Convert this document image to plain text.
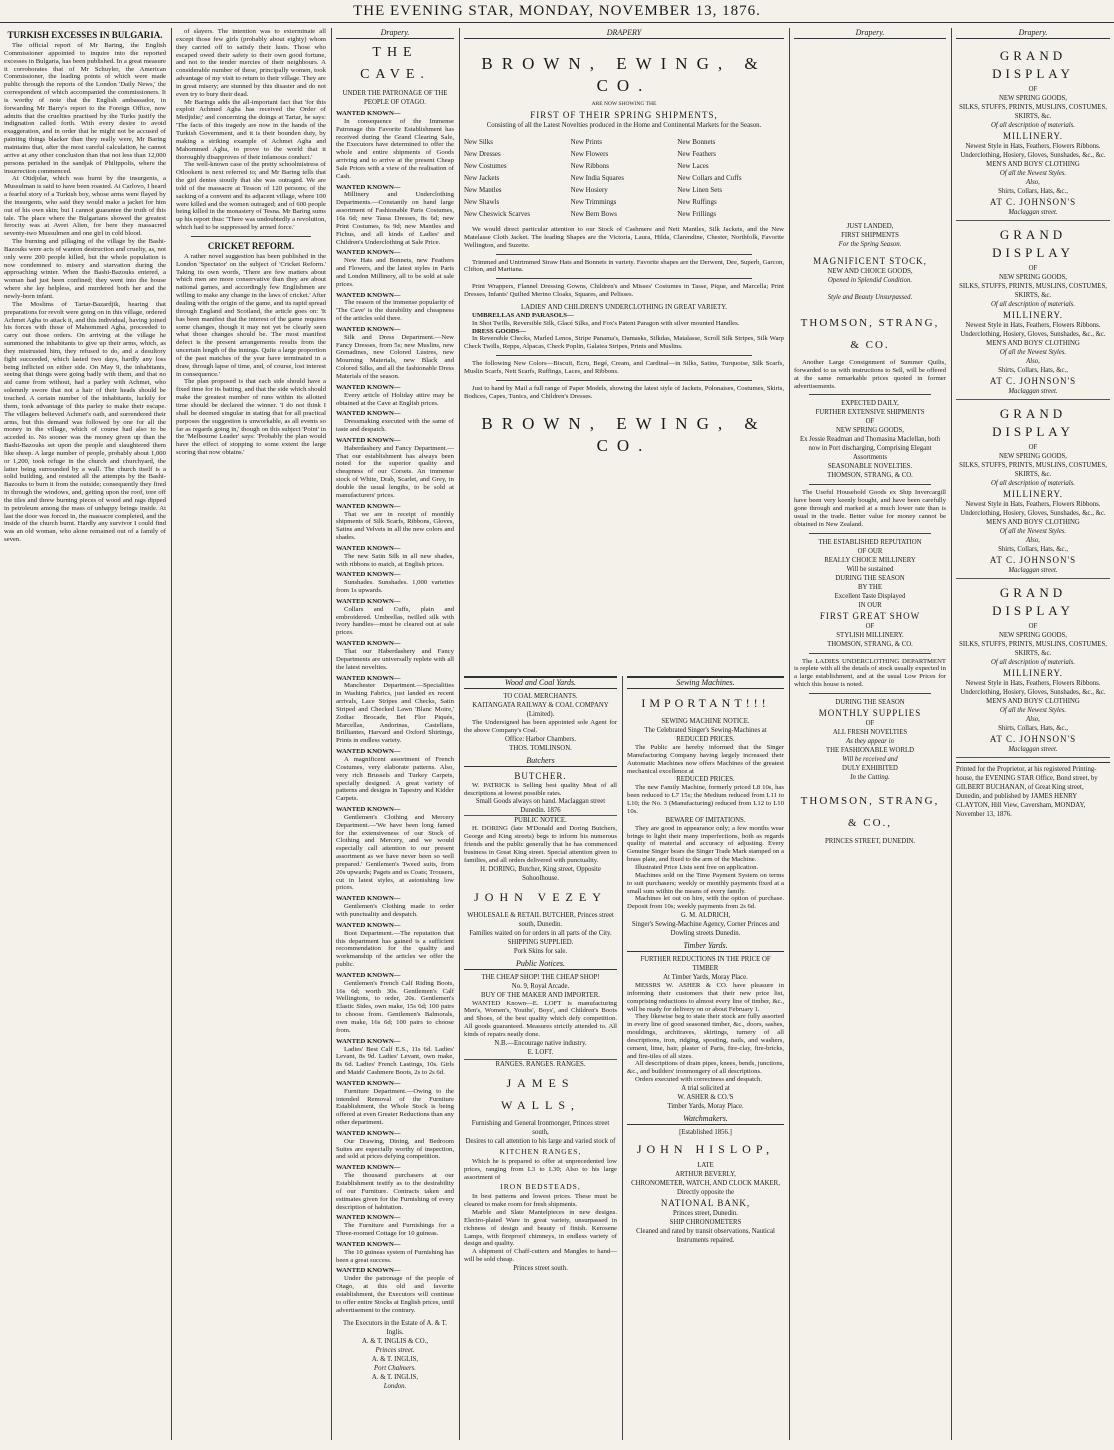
THE EVENING STAR, MONDAY, NOVEMBER 13, 1876.
TURKISH EXCESSES IN BULGARIA.

The official report of Mr Baring, the English Commissioner appointed to inquire into the reported excesses in Bulgaria, has been published. In a great measure it corroborates that of Mr Schuyler, the American Commissioner, the leading points of which were made public through the reports of the London 'Daily News,' the correspondent of which accompanied the commissioners. It is worthy of note that the English ambassador, in forwarding Mr Barry's report to the Foreign Office, now admits that the cruelties practised by the Turks justify the indignation called forth. With every desire to avoid exaggeration, and in order that he might not be accused of painting things blacker than they really were, Mr Baring maintains that, after the most careful calculation, he cannot arrive at any other conclusion than that not less than 12,000 persons perished in the sandjak of Philippolis, where the insurrection commenced.

At Otidjolar, which was burnt by the insurgents, a Mussulman is said to have been roasted. At Carlovo, I heard a fearful story of a Turkish boy, whose arms were flayed by the insurgents, who said they would make a jacket for him out of his own skin; but I cannot guarantee the truth of this tale. The place where the Bulgarians showed the greatest ferocity was at Avret Alien, for here they massacred seventy-two Mussulmen and one girl in cold blood.

The burning and pillaging of the village by the Bashi-Bazouks were acts of wanton destruction and cruelty, as, not only were 200 people killed, but the whole population is now condemned to misery and starvation during the approaching winter. When the Bashi-Bazouks entered, a woman had just been confined; they went into the house where she lay helpless, and murdered both her and the newly-born infant.

The Moslims of Tartar-Bazardjik, hearing that preparations for revolt were going on in this village, ordered Achmet Agha to attack it, and this individual, having joined his forces with those of Mahommed Agha, proceeded to carry out those orders. On arriving at the village he summoned the inhabitants to give up their arms, which, as they mistrusted him, they refused to do, and a desultory fight succeeded, which lasted two days, hardly any loss being inflicted on either side. On May 9, the inhabitants, seeing that things were going badly with them, and that no aid came from without, had a parley with Achmet, who solemnly swore that not a hair of their heads should be touched. A certain number of the inhabitants, luckily for them, took advantage of this parley to make their escape. The villagers believed Achmet's oath, and surrendered their arms, but this demand was followed by one for all the money in the village, which of course had also to be acceded to. No sooner was the money given up than the Bashi-Bazouks set upon the people and slaughtered them like sheep. A large number of people, probably about 1,000 or 1,200, took refuge in the church and churchyard, the latter being surrounded by a wall. The church itself is a solid building, and resisted all the attempts by the Bashi-Bazouks to burn it from the outside; consequently they fired in through the windows, and, getting upon the roof, tore off the tiles and threw burning pieces of wood and rags dipped in petroleum among the mass of unhappy beings inside. At last the door was forced in, the massacre completed, and the inside of the church burnt. Hardly any survivor I could find was an old woman, who alone remained out of a family of seven.

of slayers. The intention was to exterminate all except those few girls (probably about eighty) whom they carried off to satisfy their lusts. Those who escaped owed their safety to their own good fortune, and not to the tender mercies of their neighbours. A considerable number of these, principally women, took advantage of my visit to return to their village. They are in great misery; are stunned by this disaster and do not even try to bury their dead.

Mr Barings adds the all-important fact that 'for this exploit Achmed Agha has received the Order of Medjidie;' and concerning the doings at Tartar, he says: 'The facts of this tragedy are now in the hands of the Turkish Government, and it is their bounden duty, by making a striking example of Achmet Agha and Mahommed Agha, to prove to the world that it thoroughly disapproves of their infamous conduct.'

The well-known case of the pretty schoolmistress of Otlookeni is next referred to; and Mr Baring tells that the girl denies stoutly that she was outraged. We are told of the massacre at Tesson of 120 persons; of the sacking of a convent and its adjacent village, where 100 were killed and the women outraged; and of 600 people being killed in the monastery of Tesna. Mr Baring sums up his report thus: 'There was undoubtedly a revolution, which had to be suppressed by armed force.'

CRICKET REFORM.

A rather novel suggestion has been published in the London 'Spectator' on the subject of 'Cricket Reform.' Taking its own words, 'There are few matters about which men are more conservative than they are about national games, and accordingly few Englishmen are willing to make any change in the laws of cricket.' After dealing with the origin of the game, and its rapid spread through England and Scotland, the article goes on: 'It has been manifest that the interest of the game requires some changes, though it may not yet be clearly seen what those changes should be. The most manifest defect is the present arrangements results from the uncertain length of the innings. Quite a large proportion of the past matches of the year have terminated in a draw, through lapse of time, and, of course, lost interest in consequence.'

The plan proposed is that each side should have a fixed time for its batting, and that the side which should make the greatest number of runs within its allotted time should be declared the winner. 'I do not think I shall be deemed singular in stating that for all practical purposes the suggestion is unworkable, as all events so far as regards going in,' though on this subject 'Point' in the 'Melbourne Leader' says: 'Probably the plan would have the effect of stopping to some extent the large scoring that now obtains.'

Drapery.
THE CAVE.
UNDER THE PATRONAGE OF THE PEOPLE OF OTAGO.
WANTED KNOWN—

In consequence of the Immense Patronage this Favorite Establishment has received during the Grand Clearing Sale, the Executors have determined to offer the whole and entire shipments of Goods arriving and to arrive at the present Cheap Sale Prices with a view of the realisation of Cash.

WANTED KNOWN—

Millinery and Underclothing Departments.—Constantly on hand large assortment of Fashionable Paris Costumes, 16s 6d; new Tassa Dresses, 8s 6d; new Print Costumes, 6s 9d; new Mantles and Fichus, and all kinds of Ladies' and Children's Underclothing at Sale Price.

WANTED KNOWN—

New Hats and Bonnets, new Feathers and Flowers, and the latest styles in Paris and London Millinery, all to be sold at sale prices.

WANTED KNOWN—

The reason of the immense popularity of 'The Cave' is the durability and cheapness of the articles sold there.

WANTED KNOWN—

Silk and Dress Department.—New Fancy Dresses, from 5s; new Muslins, new Grenadines, new Colored Lustres, new Mourning Materials, new Black and Colored Silks, and all the fashionable Dress Materials of the season.

WANTED KNOWN—

Every article of Holiday attire may be obtained at the Cave at English prices.

WANTED KNOWN—

Dressmaking executed with the same of taste and despatch.

WANTED KNOWN—

Haberdashery and Fancy Department.—That our establishment has always been noted for the superior quality and cheapness of our Corsets. An immense stock of White, Drab, Scarlet, and Grey, in double the usual lengths, to be sold at manufacturers' prices.

WANTED KNOWN—

That we are in receipt of monthly shipments of Silk Scarfs, Ribbons, Gloves, Satins and Velvets in all the new colors and shades.

WANTED KNOWN—

The new Satin Silk in all new shades, with ribbons to match, at English prices.

WANTED KNOWN—

Sunshades. Sunshades. 1,000 varieties from 1s upwards.

WANTED KNOWN—

Collars and Cuffs, plain and embroidered. Umbrellas, twilled silk with ivory handles—must be cleared out at sale prices.

WANTED KNOWN—

That our Haberdashery and Fancy Departments are universally replete with all the latest novelties.

WANTED KNOWN—

Manchester Department.—Specialities in Washing Fabrics, just landed ex recent arrivals, Lace Stripes and Checks, Satin Striped and Checked Lawn 'Blanc Moire,' Zodiac Brocade, Bet Flor Piqués, Marcellas, Andorinas, Castellans, Brilliantes, Harvard and Oxford Shirtings, Prints in endless variety.

WANTED KNOWN—

A magnificent assortment of French Costumes, very elaborate patterns. Also, very rich Brussels and Turkey Carpets, specially designed. A great variety of patterns and designs in Tapestry and Kidder Carpets.

WANTED KNOWN—

Gentlemen's Clothing and Mercery Department.—'We have been long famed for the extensiveness of our Stock of Clothing and Mercery, and we would especially call attention to our present assortment as we have never been so well prepared.' Gentlemen's Tweed suits, from 20s upwards; Pagets and ss Coats; Trousers, cut in latest styles, at astonishing low prices.

WANTED KNOWN—

Gentlemen's Clothing made to order with punctuality and despatch.

WANTED KNOWN—

Boot Department.—The reputation that this department has gained is a sufficient recommendation for the quality and workmanship of the articles we offer the public.

WANTED KNOWN—

Gentlemen's French Calf Riding Boots, 16s 6d; worth 30s. Gentlemen's Calf Wellingtons, to order, 20s. Gentlemen's Elastic Sides, own make, 15s 6d; 100 pairs to choose from. Gentlemen's Balmorals, own make, 16s 6d; 100 pairs to choose from.

WANTED KNOWN—

Ladies' Best Calf E.S., 11s 6d. Ladies' Levant, 8s 9d. Ladies' Levant, own make, 8s 6d. Ladies' French Lastings, 10s. Girls and Maids' Cashmere Boots, 2s to 2s 6d.

WANTED KNOWN—

Furniture Department.—Owing to the intended Removal of the Furniture Establishment, the Whole Stock is being offered at even Greater Reductions than any other department.

WANTED KNOWN—

Our Drawing, Dining, and Bedroom Suites are especially worthy of inspection, and sold at prices defying competition.

WANTED KNOWN—

The thousand purchasers at our Establishment testify as to the desirability of our Furniture. Contracts taken and estimates given for the Furnishing of every description of habitation.

WANTED KNOWN—

The Furniture and Furnishings for a Three-roomed Cottage for 10 guineas.

WANTED KNOWN—

The 10 guineas system of Furnishing has been a great success.

WANTED KNOWN—

Under the patronage of the people of Otago, at this old and favorite establishment, the Executors will continue to offer entire Stocks at English prices, until advertisement to the contrary.

The Executors in the Estate of A. & T. Inglis.
A. & T. INGLIS & CO.,
Princes street.
A. & T. INGLIS,
Port Chalmers.
A. & T. INGLIS,
London.
DRAPERY
BROWN, EWING, & CO.
ARE NOW SHOWING THE
FIRST OF THEIR SPRING SHIPMENTS,
Consisting of all the Latest Novelties produced in the Home and Continental Markets for the Season.
New Silks
New Dresses
New Costumes
New Jackets
New Mantles
New Shawls
New Cheswick Scarves
New Prints
New Flowers
New Ribbons
New India Squares
New Hosiery
New Trimmings
New Bern Bows
New Bonnets
New Feathers
New Laces
New Collars and Cuffs
New Linen Sets
New Ruffings
New Frillings

We would direct particular attention to our Stock of Cashmere and Nett Mantles, Silk Jackets, and the New Matelasse Cloth Jacket. The leading Shapes are the Victoria, Laura, Hilda, Clarendine, Chester, Northfolk, Favorite Wellington, and Suzette.

Trimmed and Untrimmed Straw Hats and Bonnets in variety. Favorite shapes are the Derwent, Dee, Superb, Garcon, Clifton, and Maritana.

Print Wrappers, Flannel Dressing Gowns, Children's and Misses' Costumes in Tasse, Pique, and Marcella; Print Dresses, Infants' Quilted Merino Cloaks, Squares, and Pelisses.

LADIES' AND CHILDREN'S UNDERCLOTHING IN GREAT VARIETY.

UMBRELLAS AND PARASOLS—

In Shot Twills, Reversible Silk, Glacé Silks, and Fox's Patent Paragon with silver mounted Handles.

DRESS GOODS—

In Reversible Checks, Marled Lenos, Stripe Panama's, Damasks, Silkdas, Matalasse, Scroll Silk Stripes, Silk Warp Check Twills, Repps, Alpacas, Check Poplin, Galatea Stripes, Prints and Muslins.

The following New Colors—Biscuit, Ecru, Begé, Cream, and Cardinal—in Silks, Satins, Turquoise, Silk Scarfs, Muslin Scarfs, Nett Scarfs, Ruffings, Laces, and Ribbons.

Just to hand by Mail a full range of Paper Models, showing the latest style of Jackets, Polonaises, Costumes, Skirts, Bodices, Capes, Tunics, and Children's Dresses.

BROWN, EWING, & CO.
Wood and Coal Yards.
TO COAL MERCHANTS.
KAITANGATA RAILWAY & COAL COMPANY (Limited).

The Undersigned has been appointed sole Agent for the above Company's Coal.

Office: Harbor Chambers.
THOS. TOMLINSON.
Butchers
BUTCHER.

W. PATRICK is Selling best quality Meat of all descriptions at lowest possible rates.

Small Goods always on hand. Maclaggan street Dunedin. 1876
PUBLIC NOTICE.

H. DORING (late M'Donald and Doring Butchers, George and King streets) begs to inform his numerous friends and the public generally that he has commenced business in Great King street. Special attention given to families, and all orders delivered with punctuality.

H. DORING, Butcher, King street, Opposite Sohoolhouse.
JOHN VEZEY
WHOLESALE & RETAIL BUTCHER, Princes street south, Dunedin.
Families waited on for orders in all parts of the City.
SHIPPING SUPPLIED.
Pork Skins for sale.
Public Notices.
THE CHEAP SHOP! THE CHEAP SHOP!
No. 9, Royal Arcade.
BUY OF THE MAKER AND IMPORTER.

WANTED Known—E. LOFT is manufacturing Men's, Women's, Youths', Boys', and Children's Boots and Shoes, of the best quality which defy competition. All goods guaranteed. Measures strictly attended to. All kinds of repairs neatly done.

N.B.—Encourage native industry.
E. LOFT.
RANGES. RANGES. RANGES.
JAMES WALLS,
Furnishing and General Ironmonger, Princes street south,
Desires to call attention to his large and varied stock of
KITCHEN RANGES,

Which he is prepared to offer at unprecedented low prices, ranging from L3 to L30; Also to his large assortment of

IRON BEDSTEADS,

In best patterns and lowest prices. These must be cleared to make room for fresh shipments.

Marble and Slate Mantelpieces in new designs. Electro-plated Ware in great variety, unsurpassed in richness of design and beauty of finish. Kerosene Lamps, with fireproof chimneys, in endless variety of design and quality.

A shipment of Chaff-cutters and Mangles to hand—will be sold cheap.

Princes street south.
Sewing Machines.
IMPORTANT!!!
SEWING MACHINE NOTICE.
The Celebrated Singer's Sewing-Machines at
REDUCED PRICES.

The Public are hereby informed that the Singer Manufacturing Company having largely increased their Automatic Machines now offers Machines of the greatest mechanical excellence at

REDUCED PRICES.

The new Family Machine, formerly priced L8 10s, has been reduced to L7 15s; the Medium reduced from L11 to L10; the No. 3 (Manufacturing) reduced from L12 to L10 10s.

BEWARE OF IMITATIONS.

They are good in appearance only; a few months wear brings to light their many imperfections, both as regards quality of material and accuracy of adjusting. Every Genuine Singer bears the Singer Trade Mark stamped on a brass plate, and fixed to the arm of the Machine.

Illustrated Price Lists sent free on application.

Machines sold on the Time Payment System on terms to suit purchasers; weekly or monthly payments fixed at a small sum within the means of every family.

Machines let out on hire, with the option of purchase. Deposit from 10s; weekly payments from 2s 6d.

G. M. ALDRICH,
Singer's Sewing-Machine Agency, Corner Princes and Dowling streets Dunedin.
Timber Yards.
FURTHER REDUCTIONS IN THE PRICE OF TIMBER
At Timber Yards, Moray Place.

MESSRS W. ASHER & CO. have pleasure in informing their customers that their new price list, comprising reductions to almost every line of timber, &c., will be ready for delivery on or about February 1.

They likewise beg to state their stock are fully assorted in every line of good seasoned timber, &c., doors, sashes, mouldings, architraves, skirtings, turnery of all descriptions, iron, ridging, spouting, nails, and washers, cement, lime, hair, plaster of Paris, fire-clay, fire-bricks, and fire-tiles of all sizes.

All descriptions of drain pipes, knees, bends, junctions, &c., and builders' ironmongery of all descriptions.

Orders executed with correctness and despatch.

A trial solicited at
W. ASHER & CO.'S
Timber Yards, Moray Place.
Watchmakers.
[Established 1856.]
JOHN HISLOP,
LATE
ARTHUR BEVERLY,
CHRONOMETER, WATCH, AND CLOCK MAKER,
Directly opposite the
NATIONAL BANK,
Princes street, Dunedin.
SHIP CHRONOMETERS
Cleaned and rated by transit observations, Nautical Instruments repaired.
Drapery.
JUST LANDED,
FIRST SHIPMENTS
For the Spring Season.
MAGNIFICENT STOCK,
NEW AND CHOICE GOODS,
Opened in Splendid Condition.
Style and Beauty Unsurpassed.
THOMSON, STRANG, & CO.

Another Large Consignment of Summer Quilts, forwarded to us with instructions to Sell, will be offered at the same remarkable prices quoted in former advertisements.

EXPECTED DAILY,
FURTHER EXTENSIVE SHIPMENTS
OF
NEW SPRING GOODS,
Ex Jessie Readman and Thomasina Maclellan, both now in Port discharging, Comprising Elegant Assortments
SEASONABLE NOVELTIES.
THOMSON, STRANG, & CO.

The Useful Household Goods ex Ship Invercargill have been very keenly bought, and have been carefully gone through and marked at a much lower rate than is usual in the trade. Better value for money cannot be obtained in New Zealand.

THE ESTABLISHED REPUTATION
OF OUR
REALLY CHOICE MILLINERY
Will be sustained
DURING THE SEASON
BY THE
Excellent Taste Displayed
IN OUR
FIRST GREAT SHOW
OF
STYLISH MILLINERY.
THOMSON, STRANG, & CO.

The LADIES UNDERCLOTHING DEPARTMENT is replete with all the details of stock usually expected in a large establishment, and at the usual Low Prices for which this house is noted.

DURING THE SEASON
MONTHLY SUPPLIES
OF
ALL FRESH NOVELTIES
As they appear in
THE FASHIONABLE WORLD
Will be received and
DULY EXHIBITED
In the Cutting.
THOMSON, STRANG, & CO.,
PRINCES STREET, DUNEDIN.
Drapery.
GRAND DISPLAY
OF
NEW SPRING GOODS,
SILKS, STUFFS, PRINTS, MUSLINS, COSTUMES, SKIRTS, &c.
Of all description of materials.
MILLINERY.
Newest Style in Hats, Feathers, Flowers Ribbons.
Underclothing, Hosiery, Gloves, Sunshades, &c., &c.
MEN'S AND BOYS' CLOTHING
Of all the Newest Styles.
Also,
Shirts, Collars, Hats, &c.,
AT C. JOHNSON'S
Maclaggan street.
GRAND DISPLAY
OF
NEW SPRING GOODS,
SILKS, STUFFS, PRINTS, MUSLINS, COSTUMES, SKIRTS, &c.
Of all description of materials.
MILLINERY.
Newest Style in Hats, Feathers, Flowers Ribbons.
Underclothing, Hosiery, Gloves, Sunshades, &c., &c.
MEN'S AND BOYS' CLOTHING
Of all the Newest Styles.
Also,
Shirts, Collars, Hats, &c.,
AT C. JOHNSON'S
Maclaggan street.
GRAND DISPLAY
OF
NEW SPRING GOODS,
SILKS, STUFFS, PRINTS, MUSLINS, COSTUMES, SKIRTS, &c.
Of all description of materials.
MILLINERY.
Newest Style in Hats, Feathers, Flowers Ribbons.
Underclothing, Hosiery, Gloves, Sunshades, &c., &c.
MEN'S AND BOYS' CLOTHING
Of all the Newest Styles.
Also,
Shirts, Collars, Hats, &c.,
AT C. JOHNSON'S
Maclaggan street.
GRAND DISPLAY
OF
NEW SPRING GOODS,
SILKS, STUFFS, PRINTS, MUSLINS, COSTUMES, SKIRTS, &c.
Of all description of materials.
MILLINERY.
Newest Style in Hats, Feathers, Flowers Ribbons.
Underclothing, Hosiery, Gloves, Sunshades, &c., &c.
MEN'S AND BOYS' CLOTHING
Of all the Newest Styles.
Also,
Shirts, Collars, Hats, &c.,
AT C. JOHNSON'S
Maclaggan street.
Printed for the Proprietor, at his registered Printing-house, the EVENING STAR Office, Bond street, by GILBERT BUCHANAN, of Great King street, Dunedin, and published by JAMES HENRY CLAYTON, Hill View, Caversham, MONDAY, November 13, 1876.
